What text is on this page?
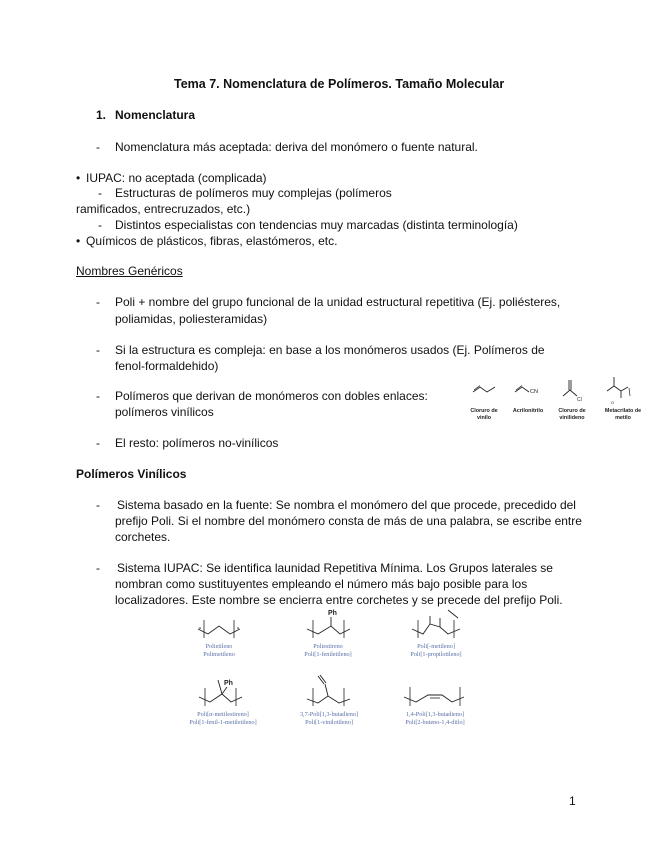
Tema 7. Nomenclatura de Polímeros. Tamaño Molecular
1. Nomenclatura
- Nomenclatura más aceptada: deriva del monómero o fuente natural.
• IUPAC: no aceptada (complicada)
- Estructuras de polímeros muy complejas (polímeros
ramificados, entrecruzados, etc.)
- Distintos especialistas con tendencias muy marcadas (distinta terminología)
• Químicos de plásticos, fibras, elastómeros, etc.
Nombres Genéricos
- Poli + nombre del grupo funcional de la unidad estructural repetitiva (Ej. poliésteres,
poliamidas, poliesteramidas)
- Si la estructura es compleja: en base a los monómeros usados (Ej. Polímeros de
fenol-formaldehido)
- Polímeros que derivan de monómeros con dobles enlaces:
polímeros vinílicos	Cloruro de
vinilo
CN
Acrilonitrilo
Cl
Cloruro de
vinilideno
O
Metacrilato de
metilo
- El resto: polímeros no-vinílicos
Polímeros Vinílicos
- Sistema basado en la fuente: Se nombra el monómero del que procede, precedido del
prefijo Poli. Si el nombre del monómero consta de más de una palabra, se escribe entre
corchetes.
- Sistema IUPAC: Se identifica launidad Repetitiva Mínima. Los Grupos laterales se
nombran como sustituyentes empleando el número más bajo posible para los
localizadores. Este nombre se encierra entre corchetes y se precede del prefijo Poli.
Polietileno
Polimetileno
Ph
Poliestireno
Poli[1-feniletileno]
Poli[-metileno]
Poli[1-propilotileno]
Ph
Poli[α-metilestireno]
Poli[1-fenil-1-metiletileno]
3,7-Poli[1,3-butadieno]
Poli[1-vinilotileno]
1,4-Poli[1,3-butadieno]
Poli[2-buteno-1,4-diilo]
1
